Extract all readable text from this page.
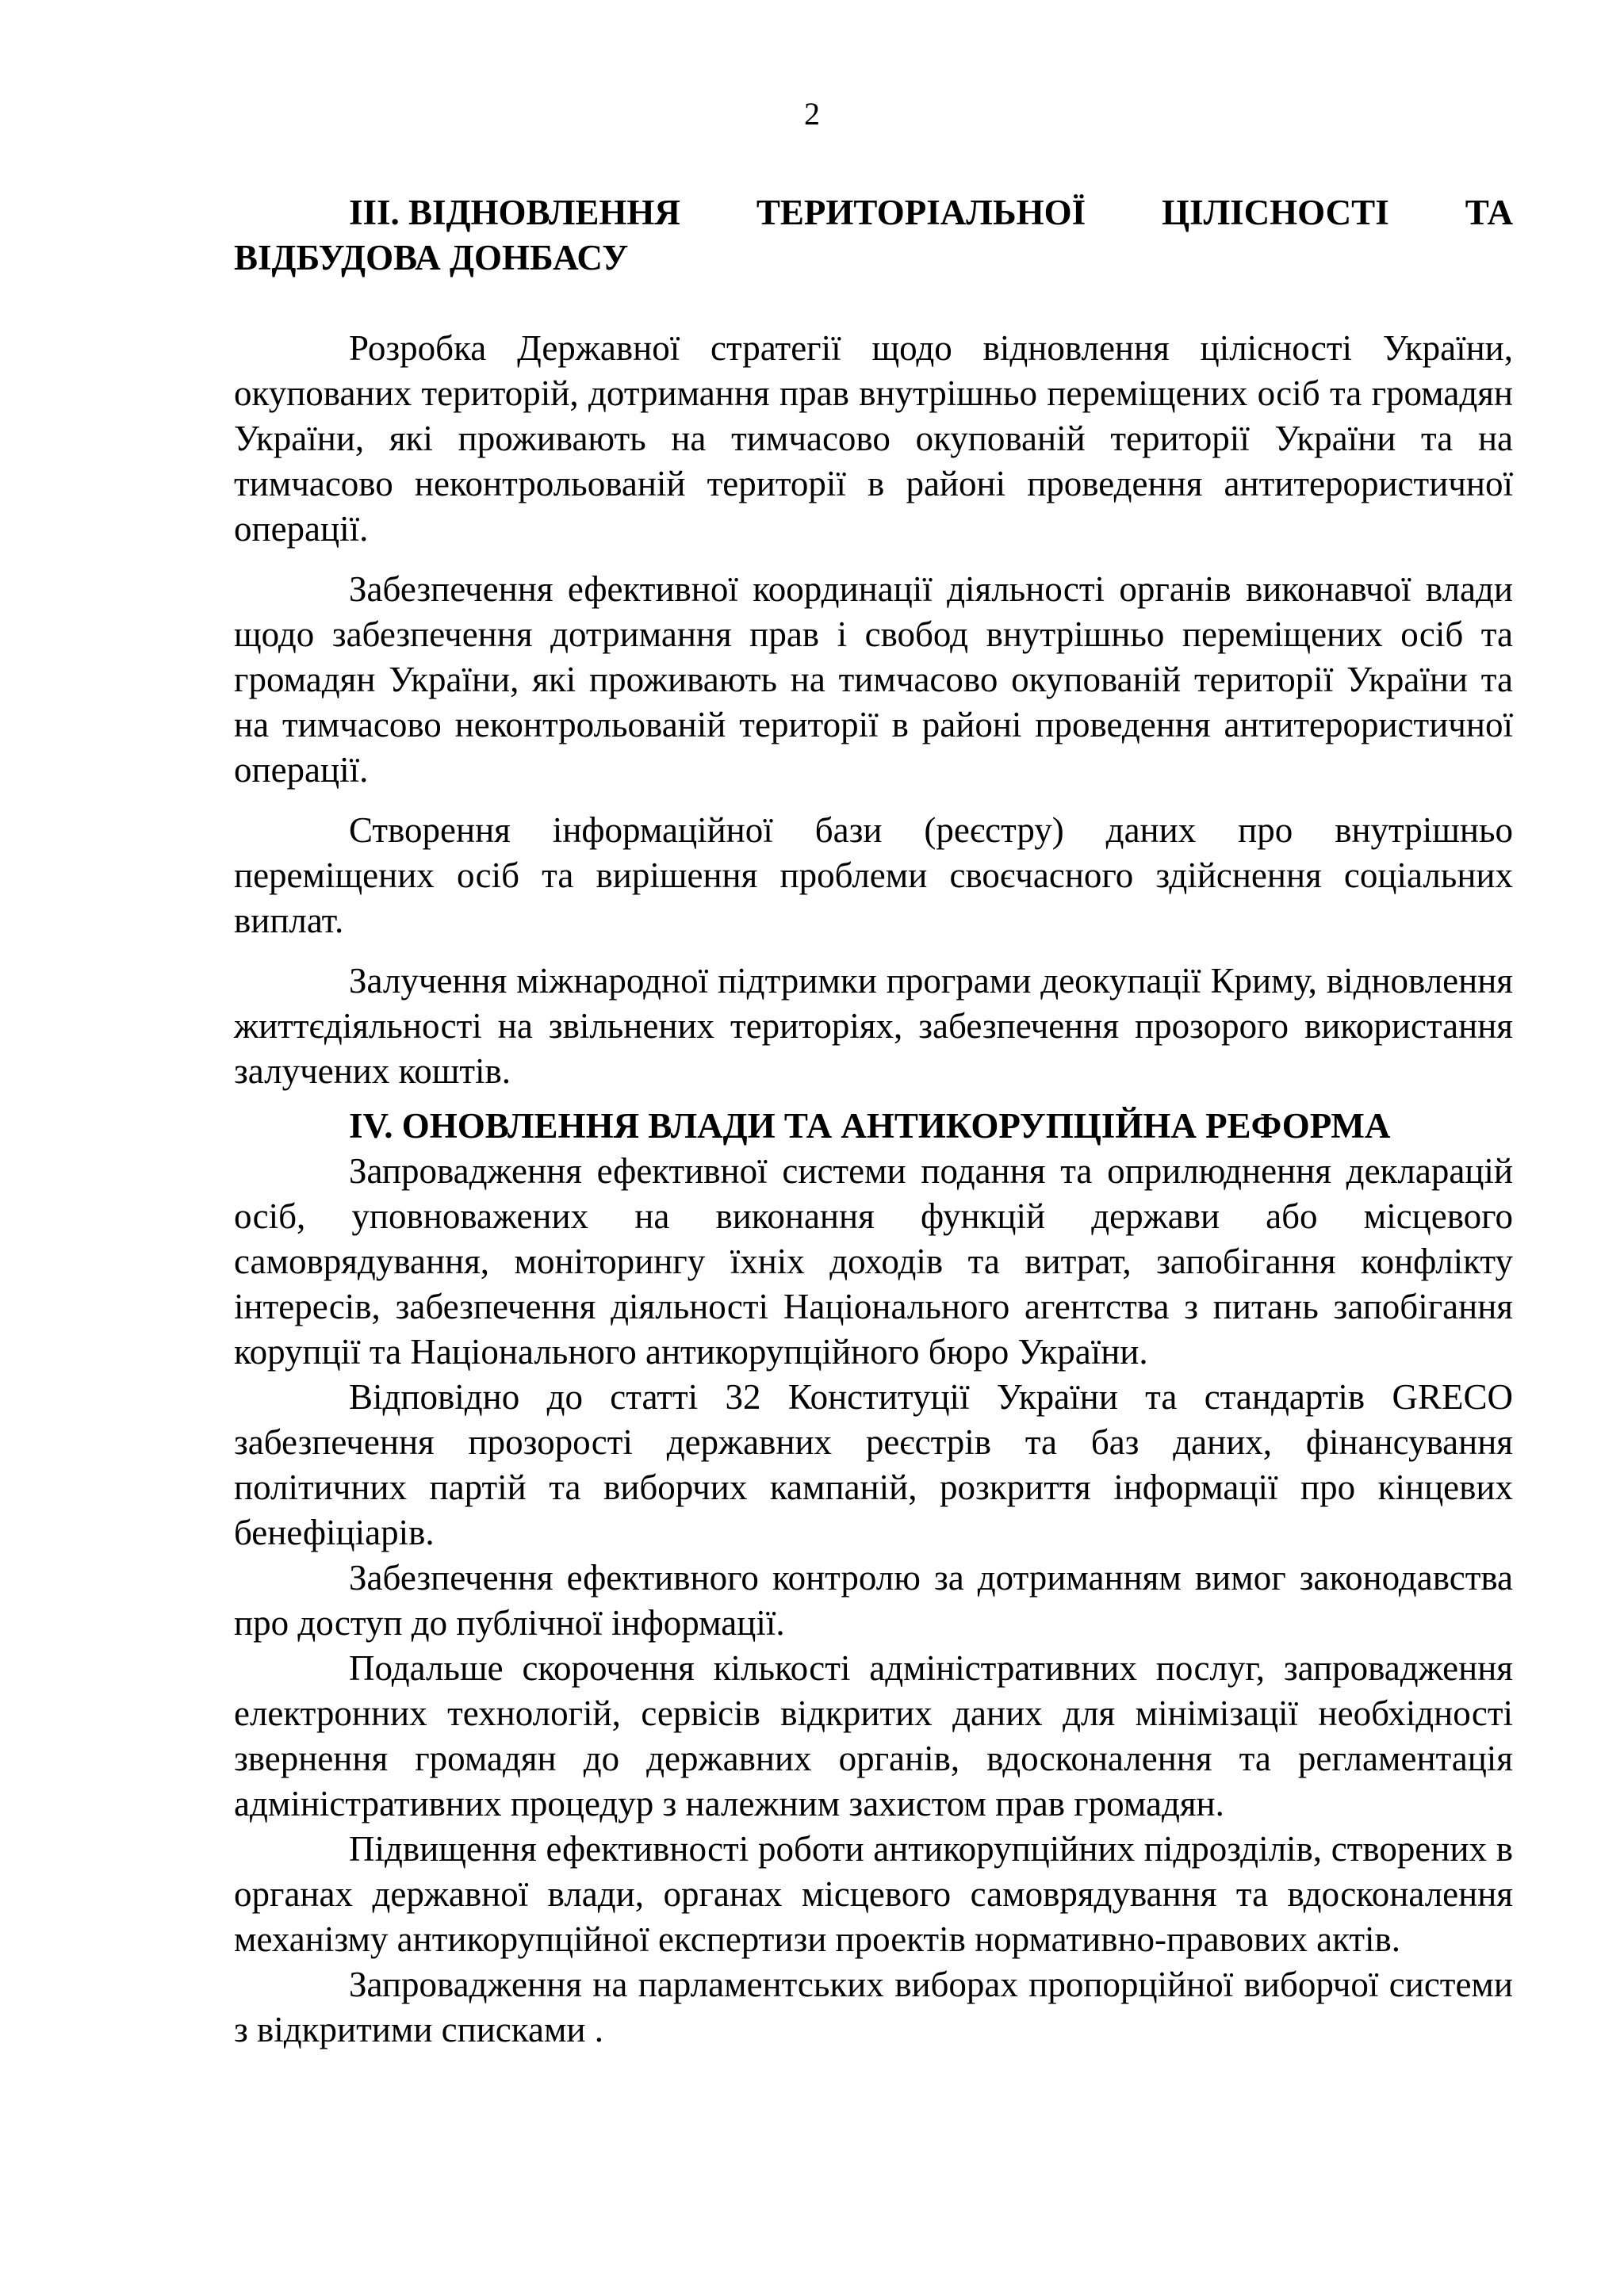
2
ІІІ. ВІДНОВЛЕННЯ ТЕРИТОРІАЛЬНОЇ ЦІЛІСНОСТІ ТА
ВІДБУДОВА ДОНБАСУ

Розробка Державної стратегії щодо відновлення цілісності України, окупованих територій, дотримання прав внутрішньо переміщених осіб та громадян України, які проживають на тимчасово окупованій території України та на тимчасово неконтрольованій території в районі проведення антитерористичної операції.

Забезпечення ефективної координації діяльності органів виконавчої влади щодо забезпечення дотримання прав і свобод внутрішньо переміщених осіб та громадян України, які проживають на тимчасово окупованій території України та на тимчасово неконтрольованій території в районі проведення антитерористичної операції.

Створення інформаційної бази (реєстру) даних про внутрішньо переміщених осіб та вирішення проблеми своєчасного здійснення соціальних виплат.

Залучення міжнародної підтримки програми деокупації Криму, відновлення життєдіяльності на звільнених територіях, забезпечення прозорого використання залучених коштів.

IV. ОНОВЛЕННЯ ВЛАДИ ТА АНТИКОРУПЦІЙНА РЕФОРМА

Запровадження ефективної системи подання та оприлюднення декларацій осіб, уповноважених на виконання функцій держави або місцевого самоврядування, моніторингу їхніх доходів та витрат, запобігання конфлікту інтересів, забезпечення діяльності Національного агентства з питань запобігання корупції та Національного антикорупційного бюро України.

Відповідно до статті 32 Конституції України та стандартів GRECO забезпечення прозорості державних реєстрів та баз даних, фінансування політичних партій та виборчих кампаній, розкриття інформації про кінцевих бенефіціарів.

Забезпечення ефективного контролю за дотриманням вимог законодавства про доступ до публічної інформації.

Подальше скорочення кількості адміністративних послуг, запровадження електронних технологій, сервісів відкритих даних для мінімізації необхідності звернення громадян до державних органів, вдосконалення та регламентація адміністративних процедур з належним захистом прав громадян.

Підвищення ефективності роботи антикорупційних підрозділів, створених в органах державної влади, органах місцевого самоврядування та вдосконалення механізму антикорупційної експертизи проектів нормативно-правових актів.

Запровадження на парламентських виборах пропорційної виборчої системи з відкритими списками .
